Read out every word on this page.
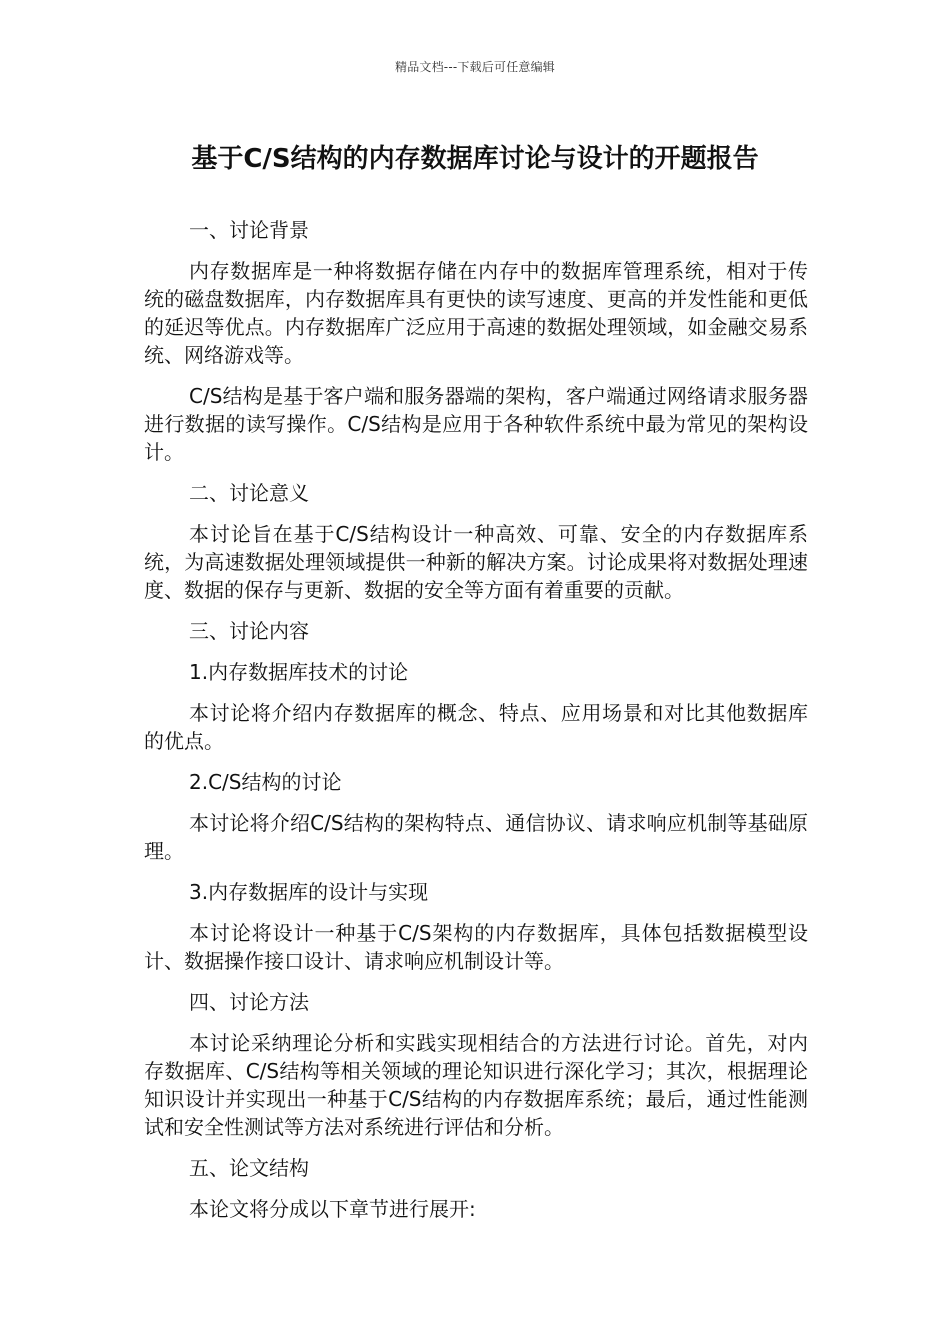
精品文档---下载后可任意编辑
基于C/S结构的内存数据库讨论与设计的开题报告

一、讨论背景

内存数据库是一种将数据存储在内存中的数据库管理系统，相对于传统的磁盘数据库，内存数据库具有更快的读写速度、更高的并发性能和更低的延迟等优点。内存数据库广泛应用于高速的数据处理领域，如金融交易系统、网络游戏等。

C/S结构是基于客户端和服务器端的架构，客户端通过网络请求服务器进行数据的读写操作。C/S结构是应用于各种软件系统中最为常见的架构设计。

二、讨论意义

本讨论旨在基于C/S结构设计一种高效、可靠、安全的内存数据库系统，为高速数据处理领域提供一种新的解决方案。讨论成果将对数据处理速度、数据的保存与更新、数据的安全等方面有着重要的贡献。

三、讨论内容

1.内存数据库技术的讨论

本讨论将介绍内存数据库的概念、特点、应用场景和对比其他数据库的优点。

2.C/S结构的讨论

本讨论将介绍C/S结构的架构特点、通信协议、请求响应机制等基础原理。

3.内存数据库的设计与实现

本讨论将设计一种基于C/S架构的内存数据库，具体包括数据模型设计、数据操作接口设计、请求响应机制设计等。

四、讨论方法

本讨论采纳理论分析和实践实现相结合的方法进行讨论。首先，对内存数据库、C/S结构等相关领域的理论知识进行深化学习；其次，根据理论知识设计并实现出一种基于C/S结构的内存数据库系统；最后，通过性能测试和安全性测试等方法对系统进行评估和分析。

五、论文结构

本论文将分成以下章节进行展开:
